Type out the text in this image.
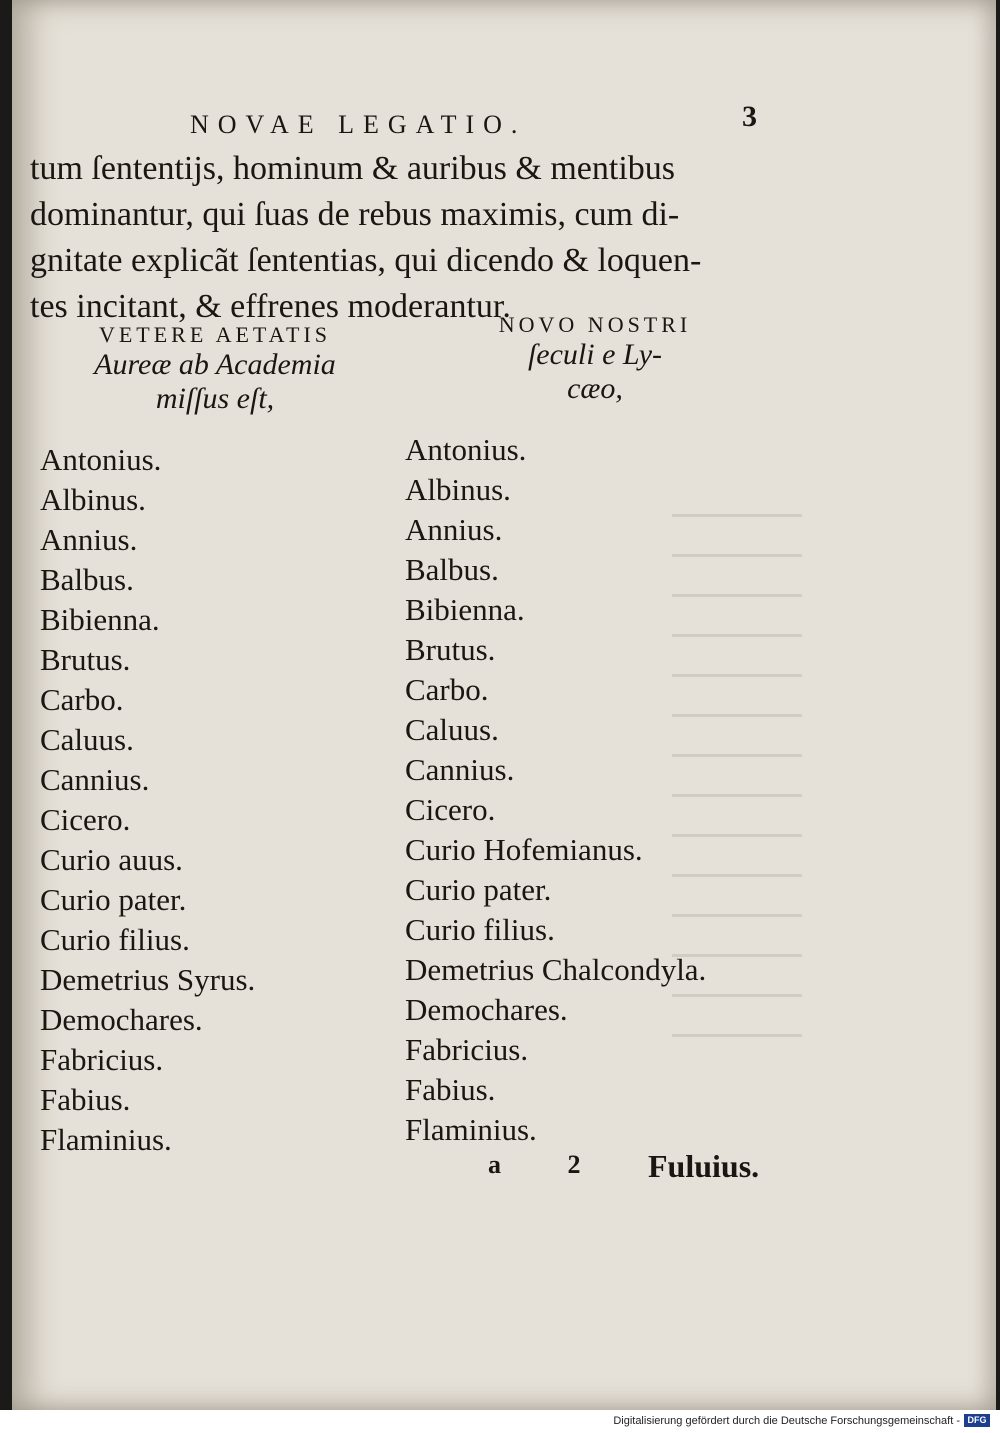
NOVAE LEGATIO.	3
tum ſententijs, hominum & auribus & mentibus
dominantur, qui ſuas de rebus maximis, cum di-
gnitate explicãt ſententias, qui dicendo & loquen-
tes incitant, & effrenes moderantur.
VETERE AETATIS
Aureæ ab Academia
miſſus eſt,
NOVO NOSTRI
ſeculi e Ly-
cæo,
Antonius.
Albinus.
Annius.
Balbus.
Bibienna.
Brutus.
Carbo.
Caluus.
Cannius.
Cicero.
Curio auus.
Curio pater.
Curio filius.
Demetrius Syrus.
Demochares.
Fabricius.
Fabius.
Flaminius.
Antonius.
Albinus.
Annius.
Balbus.
Bibienna.
Brutus.
Carbo.
Caluus.
Cannius.
Cicero.
Curio Hofemianus.
Curio pater.
Curio filius.
Demetrius Chalcondyla.
Demochares.
Fabricius.
Fabius.
Flaminius.
a 2 Fuluius.
Digitalisierung gefördert durch die Deutsche Forschungsgemeinschaft - DFG
